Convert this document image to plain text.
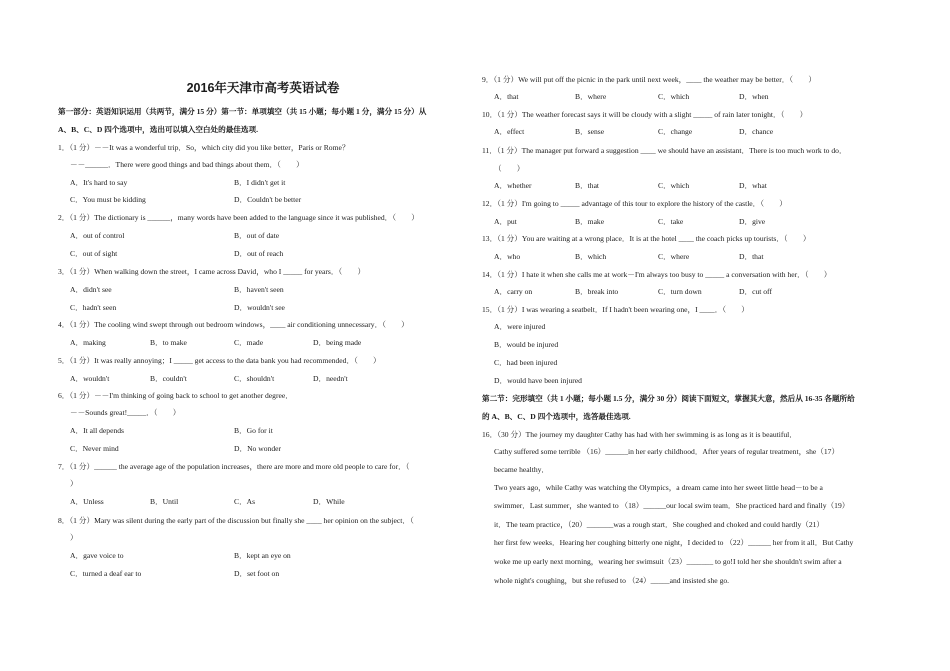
2016年天津市高考英语试卷
第一部分：英语知识运用（共两节，满分 15 分）第一节：单项填空（共 15 小题；每小题 1 分，满分 15 分）从
A、B、C、D 四个选项中，选出可以填入空白处的最佳选项.
1．（1 分）－－It was a wonderful trip．So，which city did you like better，Paris or Rome？
－－______．There were good things and bad things about them．（　　）
A．It's hard to say	B．I didn't get it
C．You must be kidding	D．Couldn't be better
2．（1 分）The dictionary is ______，many words have been added to the language since it was published．（　　）
A．out of control	B．out of date
C．out of sight	D．out of reach
3．（1 分）When walking down the street，I came across David，who I _____ for years．（　　）
A．didn't see	B．haven't seen
C．hadn't seen	D．wouldn't see
4．（1 分）The cooling wind swept through out bedroom windows，____ air conditioning unnecessary．（　　）
A．making	B．to make	C．made	D．being made
5．（1 分）It was really annoying；I _____ get access to the data bank you had recommended．（　　）
A．wouldn't	B．couldn't	C．shouldn't	D．needn't
6．（1 分）－－I'm thinking of going back to school to get another degree．
－－Sounds great!_____．（　　）
A．It all depends	B．Go for it
C．Never mind	D．No wonder
7．（1 分）______ the average age of the population increases，there are more and more old people to care for．（
）
A．Unless	B．Until	C．As	D．While
8．（1 分）Mary was silent during the early part of the discussion but finally she ____ her opinion on the subject．（
）
A．gave voice to	B．kept an eye on
C．turned a deaf ear to	D．set foot on
9．（1 分）We will put off the picnic in the park until next week，____ the weather may be better．（　　）
A．that	B．where	C．which	D．when
10．（1 分）The weather forecast says it will be cloudy with a slight _____ of rain later tonight．（　　）
A．effect	B．sense	C．change	D．chance
11．（1 分）The manager put forward a suggestion ____ we should have an assistant．There is too much work to do．
（　　）
A．whether	B．that	C．which	D．what
12．（1 分）I'm going to _____ advantage of this tour to explore the history of the castle．（　　）
A．put	B．make	C．take	D．give
13．（1 分）You are waiting at a wrong place．It is at the hotel ____ the coach picks up tourists．（　　）
A．who	B．which	C．where	D．that
14．（1 分）I hate it when she calls me at work－I'm always too busy to _____ a conversation with her．（　　）
A．carry on	B．break into	C．turn down	D．cut off
15．（1 分）I was wearing a seatbelt．If I hadn't been wearing one，I ____．（　　）
A．were injured
B．would be injured
C．had been injured
D．would have been injured
第二节：完形填空（共 1 小题；每小题 1.5 分，满分 30 分）阅读下面短文，掌握其大意，然后从 16-35 各题所给
的 A、B、C、D 四个选项中，选答最佳选项.
16．（30 分）The journey my daughter Cathy has had with her swimming is as long as it is beautiful．
Cathy suffered some terrible （16）______in her early childhood．After years of regular treatment，she（17）
became healthy．
Two years ago，while Cathy was watching the Olympics，a dream came into her sweet little head－to be a
swimmer．Last summer，she wanted to （18）______our local swim team．She practiced hard and finally（19）
it．The team practice，（20）_______was a rough start．She coughed and choked and could hardly（21）
her first few weeks．Hearing her coughing bitterly one night，I decided to （22）______ her from it all．But Cathy
woke me up early next morning，wearing her swimsuit（23）_______ to go!I told her she shouldn't swim after a
whole night's coughing，but she refused to （24）_____and insisted she go.
